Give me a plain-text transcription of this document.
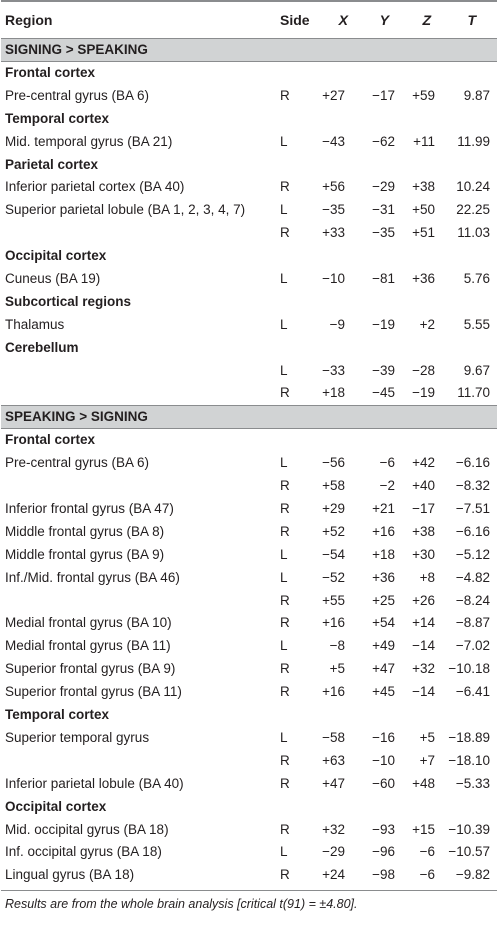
Region	Side X Y Z	T
SIGNING > SPEAKING
Frontal cortex
Pre-central gyrus (BA 6)	R +27 −17 +59 9.87
Temporal cortex
Mid. temporal gyrus (BA 21)	L	−43 −62 +11 11.99
Parietal cortex
Inferior parietal cortex (BA 40)	R +56 −29 +38 10.24
Superior parietal lobule (BA 1, 2, 3, 4, 7)	L	−35 −31 +50 22.25
R +33 −35 +51 11.03
Occipital cortex
Cuneus (BA 19)	L	−10 −81 +36 5.76
Subcortical regions
Thalamus	L	−9 −19 +2 5.55
Cerebellum
L	−33 −39 −28 9.67
R +18 −45 −19 11.70
SPEAKING > SIGNING
Frontal cortex
Pre-central gyrus (BA 6)	L	−56	−6 +42 −6.16
R +58	−2 +40 −8.32
Inferior frontal gyrus (BA 47)	R +29 +21 −17 −7.51
Middle frontal gyrus (BA 8)	R +52 +16 +38 −6.16
Middle frontal gyrus (BA 9)	L	−54 +18 +30 −5.12
Inf./Mid. frontal gyrus (BA 46)	L	−52 +36 +8 −4.82
R +55 +25 +26 −8.24
Medial frontal gyrus (BA 10)	R +16 +54 +14 −8.87
Medial frontal gyrus (BA 11)	L	−8 +49 −14 −7.02
Superior frontal gyrus (BA 9)	R	+5 +47 +32 −10.18
Superior frontal gyrus (BA 11)	R +16 +45 −14 −6.41
Temporal cortex
Superior temporal gyrus	L	−58 −16 +5 −18.89
R +63 −10 +7 −18.10
Inferior parietal lobule (BA 40)	R +47 −60 +48 −5.33
Occipital cortex
Mid. occipital gyrus (BA 18)	R +32 −93 +15 −10.39
Inf. occipital gyrus (BA 18)	L	−29 −96 −6 −10.57
Lingual gyrus (BA 18)	R +24 −98 −6 −9.82
Results are from the whole brain analysis [critical t(91) = ±4.80].
